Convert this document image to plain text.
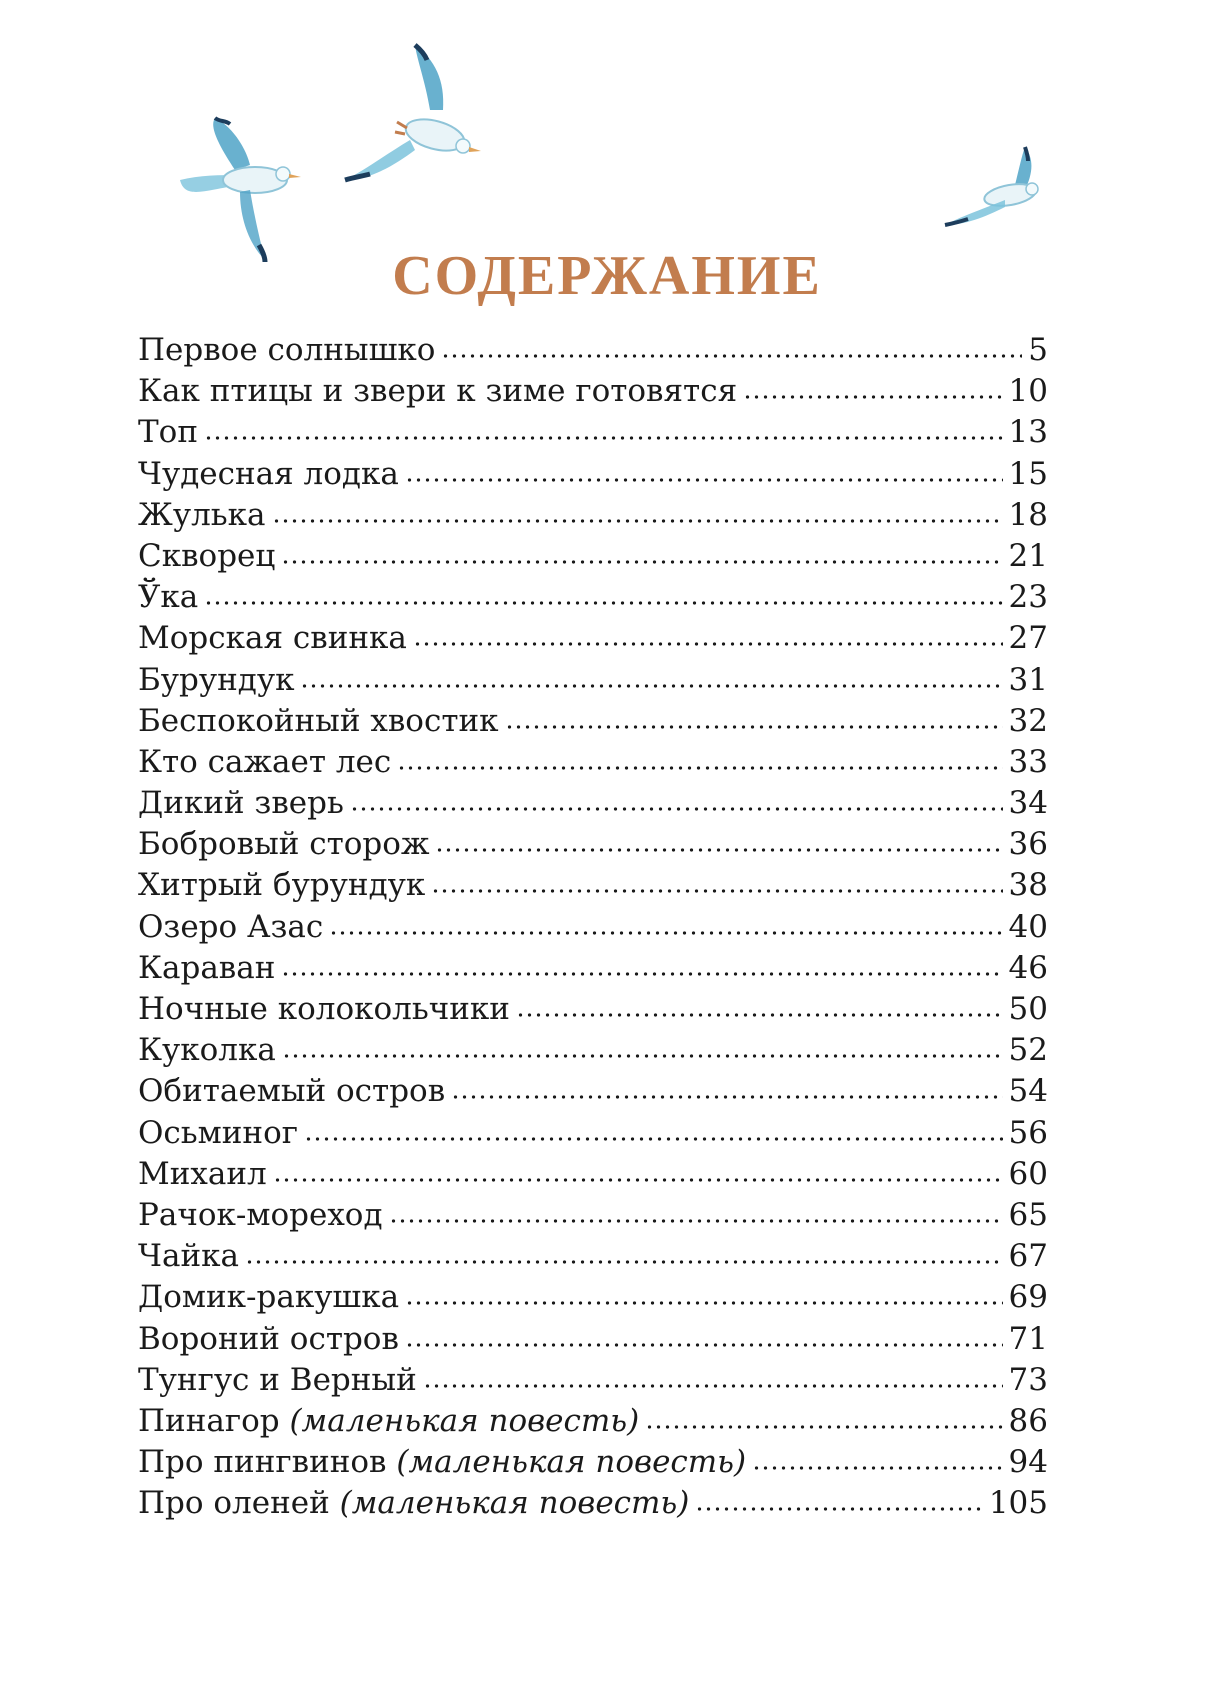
СОДЕРЖАНИЕ
Первое солнышко	5
Как птицы и звери к зиме готовятся	10
Топ	13
Чудесная лодка	15
Жулька	18
Скворец	21
Ўка	23
Морская свинка	27
Бурундук	31
Беспокойный хвостик	32
Кто сажает лес	33
Дикий зверь	34
Бобровый сторож	36
Хитрый бурундук	38
Озеро Азас	40
Караван	46
Ночные колокольчики	50
Куколка	52
Обитаемый остров	54
Осьминог	56
Михаил	60
Рачок-мореход	65
Чайка	67
Домик-ракушка	69
Вороний остров	71
Тунгус и Верный	73
Пинагор (маленькая повесть)	86
Про пингвинов (маленькая повесть)	94
Про оленей (маленькая повесть)	105
